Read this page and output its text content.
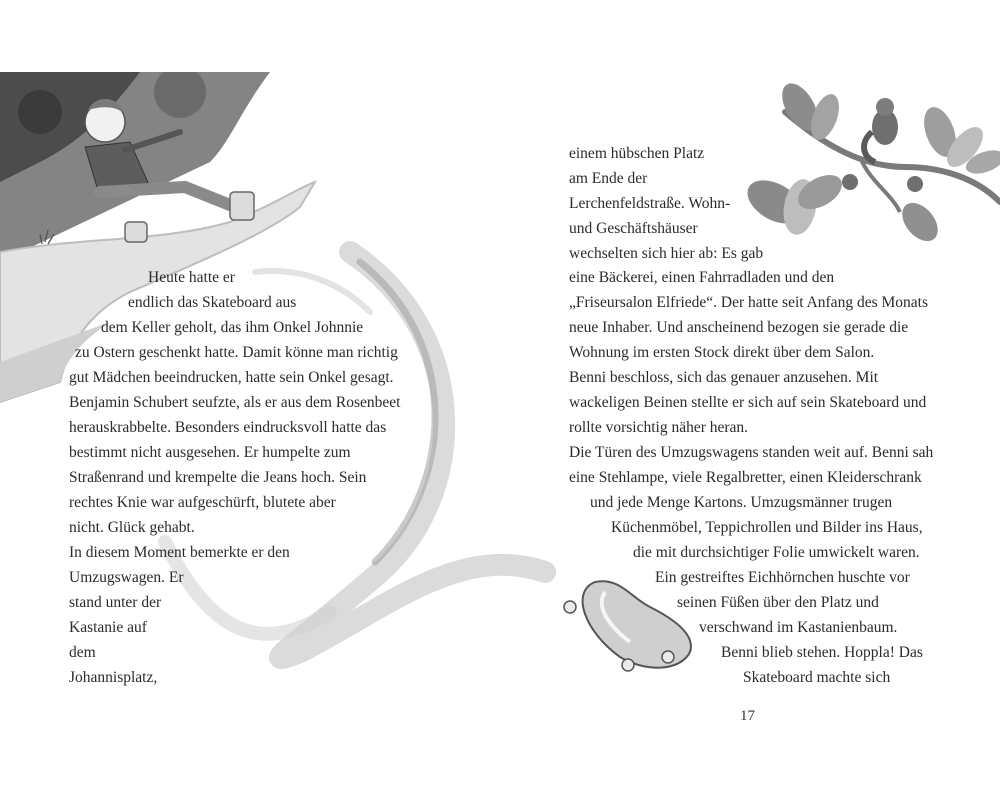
Heute hatte er
endlich das Skateboard aus
dem Keller geholt, das ihm Onkel Johnnie
zu Ostern geschenkt hatte. Damit könne man richtig
gut Mädchen beeindrucken, hatte sein Onkel gesagt.
Benjamin Schubert seufzte, als er aus dem Rosenbeet
herauskrabbelte. Besonders eindrucksvoll hatte das
bestimmt nicht ausgesehen. Er humpelte zum
Straßenrand und krempelte die Jeans hoch. Sein
rechtes Knie war aufgeschürft, blutete aber
nicht. Glück gehabt.
In diesem Moment bemerkte er den
Umzugswagen. Er
stand unter der
Kastanie auf
dem
Johannisplatz,
einem hübschen Platz
am Ende der
Lerchenfeldstraße. Wohn-
und Geschäftshäuser
wechselten sich hier ab: Es gab
eine Bäckerei, einen Fahrradladen und den
„Friseursalon Elfriede“. Der hatte seit Anfang des Monats
neue Inhaber. Und anscheinend bezogen sie gerade die
Wohnung im ersten Stock direkt über dem Salon.
Benni beschloss, sich das genauer anzusehen. Mit
wackeligen Beinen stellte er sich auf sein Skateboard und
rollte vorsichtig näher heran.
Die Türen des Umzugswagens standen weit auf. Benni sah
eine Stehlampe, viele Regalbretter, einen Kleiderschrank
und jede Menge Kartons. Umzugsmänner trugen
Küchenmöbel, Teppichrollen und Bilder ins Haus,
die mit durchsichtiger Folie umwickelt waren.
Ein gestreiftes Eichhörnchen huschte vor
seinen Füßen über den Platz und
verschwand im Kastanienbaum.
Benni blieb stehen. Hoppla! Das
Skateboard machte sich
17
